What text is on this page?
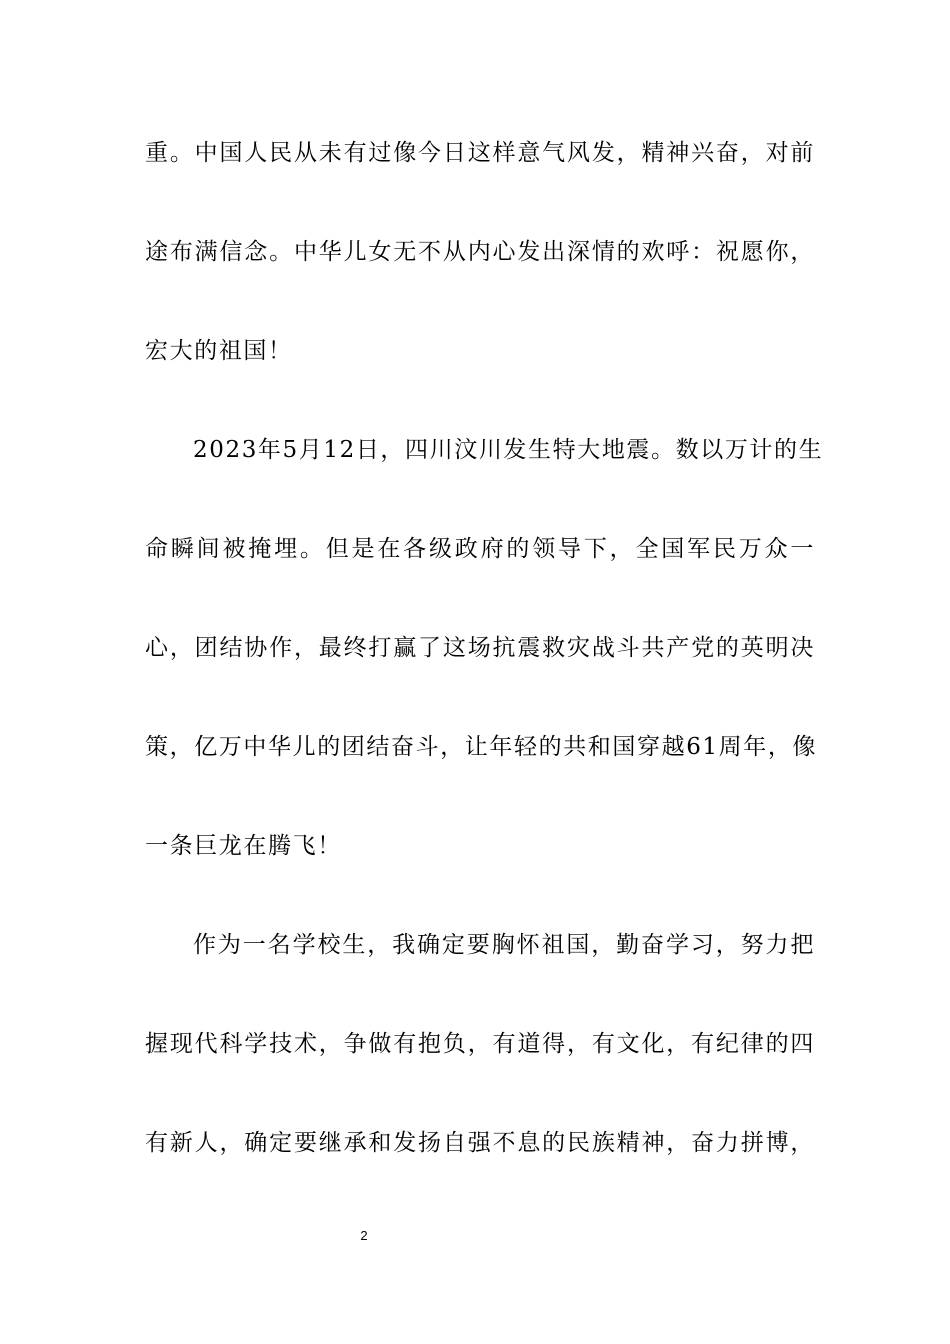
重。中国人民从未有过像今日这样意气风发，精神兴奋，对前
途布满信念。中华儿女无不从内心发出深情的欢呼：祝愿你，
宏大的祖国！
2023年5月12日，四川汶川发生特大地震。数以万计的生
命瞬间被掩埋。但是在各级政府的领导下，全国军民万众一
心，团结协作，最终打赢了这场抗震救灾战斗共产党的英明决
策，亿万中华儿的团结奋斗，让年轻的共和国穿越61周年，像
一条巨龙在腾飞！
作为一名学校生，我确定要胸怀祖国，勤奋学习，努力把
握现代科学技术，争做有抱负，有道得，有文化，有纪律的四
有新人，确定要继承和发扬自强不息的民族精神，奋力拼博，
2
